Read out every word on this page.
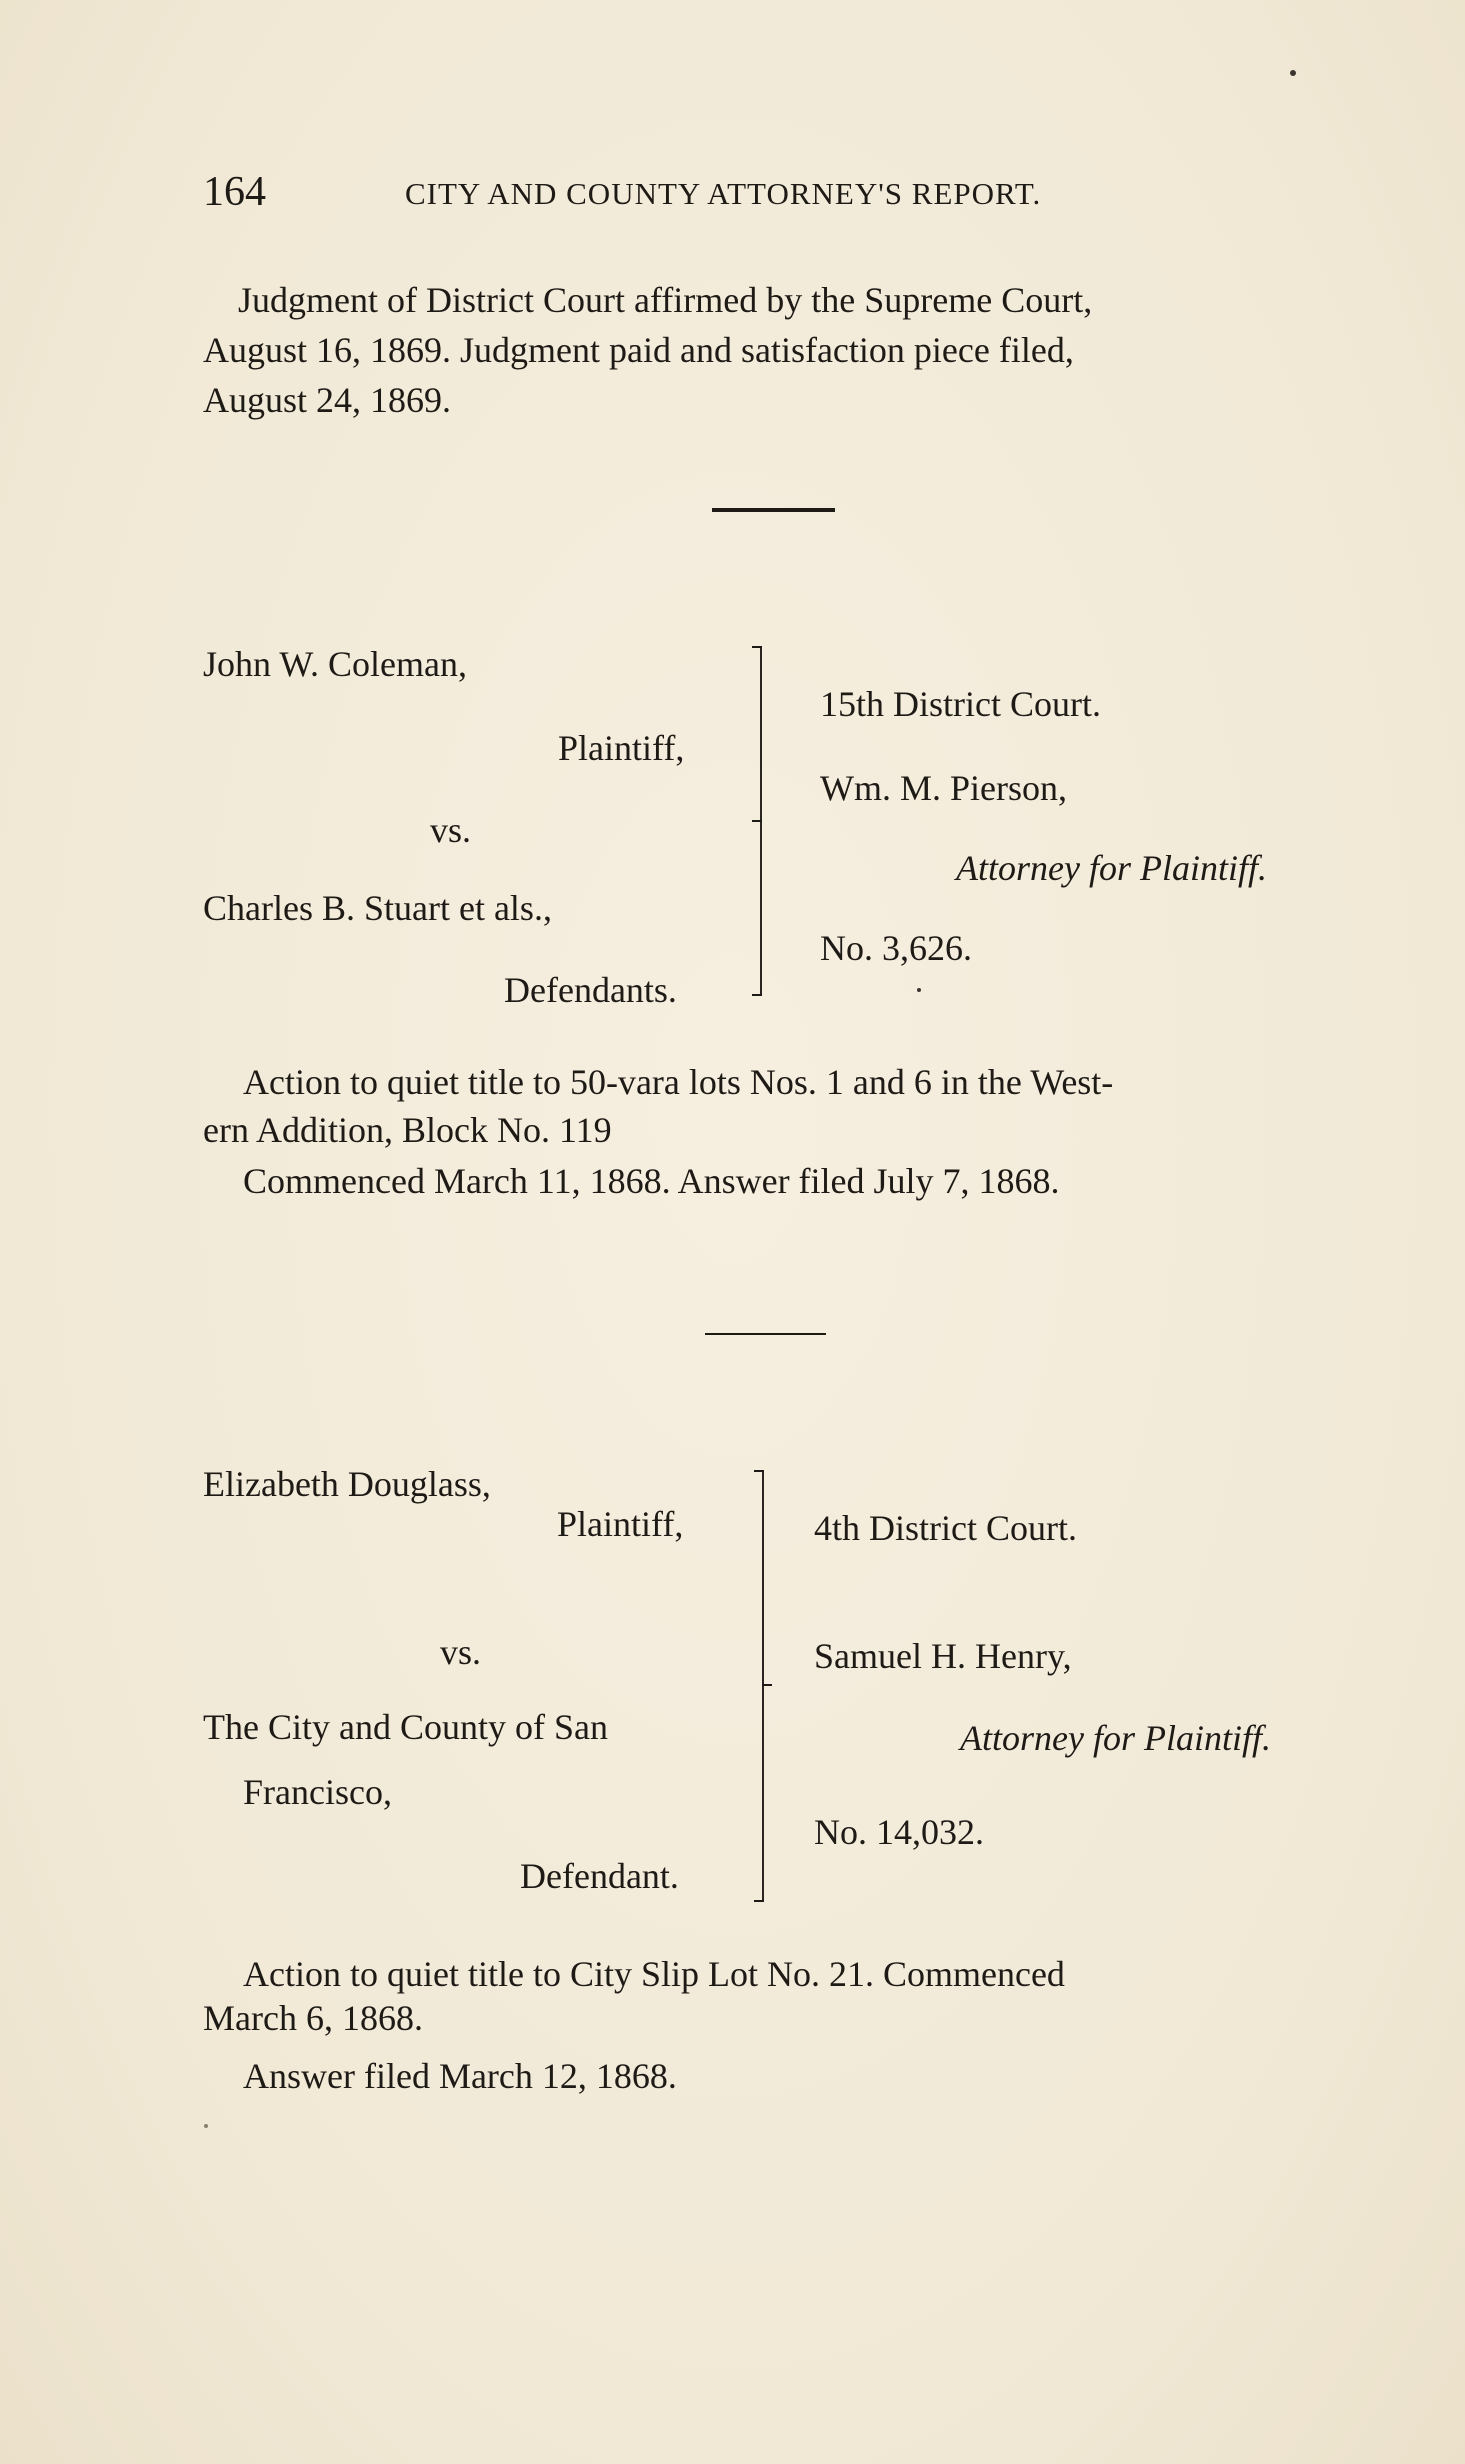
164	CITY AND COUNTY ATTORNEY'S REPORT.
Judgment of District Court affirmed by the Supreme Court,
August 16, 1869. Judgment paid and satisfaction piece filed,
August 24, 1869.
John W. Coleman,
Plaintiff,
vs.
Charles B. Stuart et als.,
Defendants.
15th District Court.
Wm. M. Pierson,
Attorney for Plaintiff.
No. 3,626.
Action to quiet title to 50-vara lots Nos. 1 and 6 in the West-
ern Addition, Block No. 119
Commenced March 11, 1868. Answer filed July 7, 1868.
Elizabeth Douglass,
Plaintiff,
vs.
The City and County of San
Francisco,
Defendant.
4th District Court.
Samuel H. Henry,
Attorney for Plaintiff.
No. 14,032.
Action to quiet title to City Slip Lot No. 21. Commenced
March 6, 1868.
Answer filed March 12, 1868.
